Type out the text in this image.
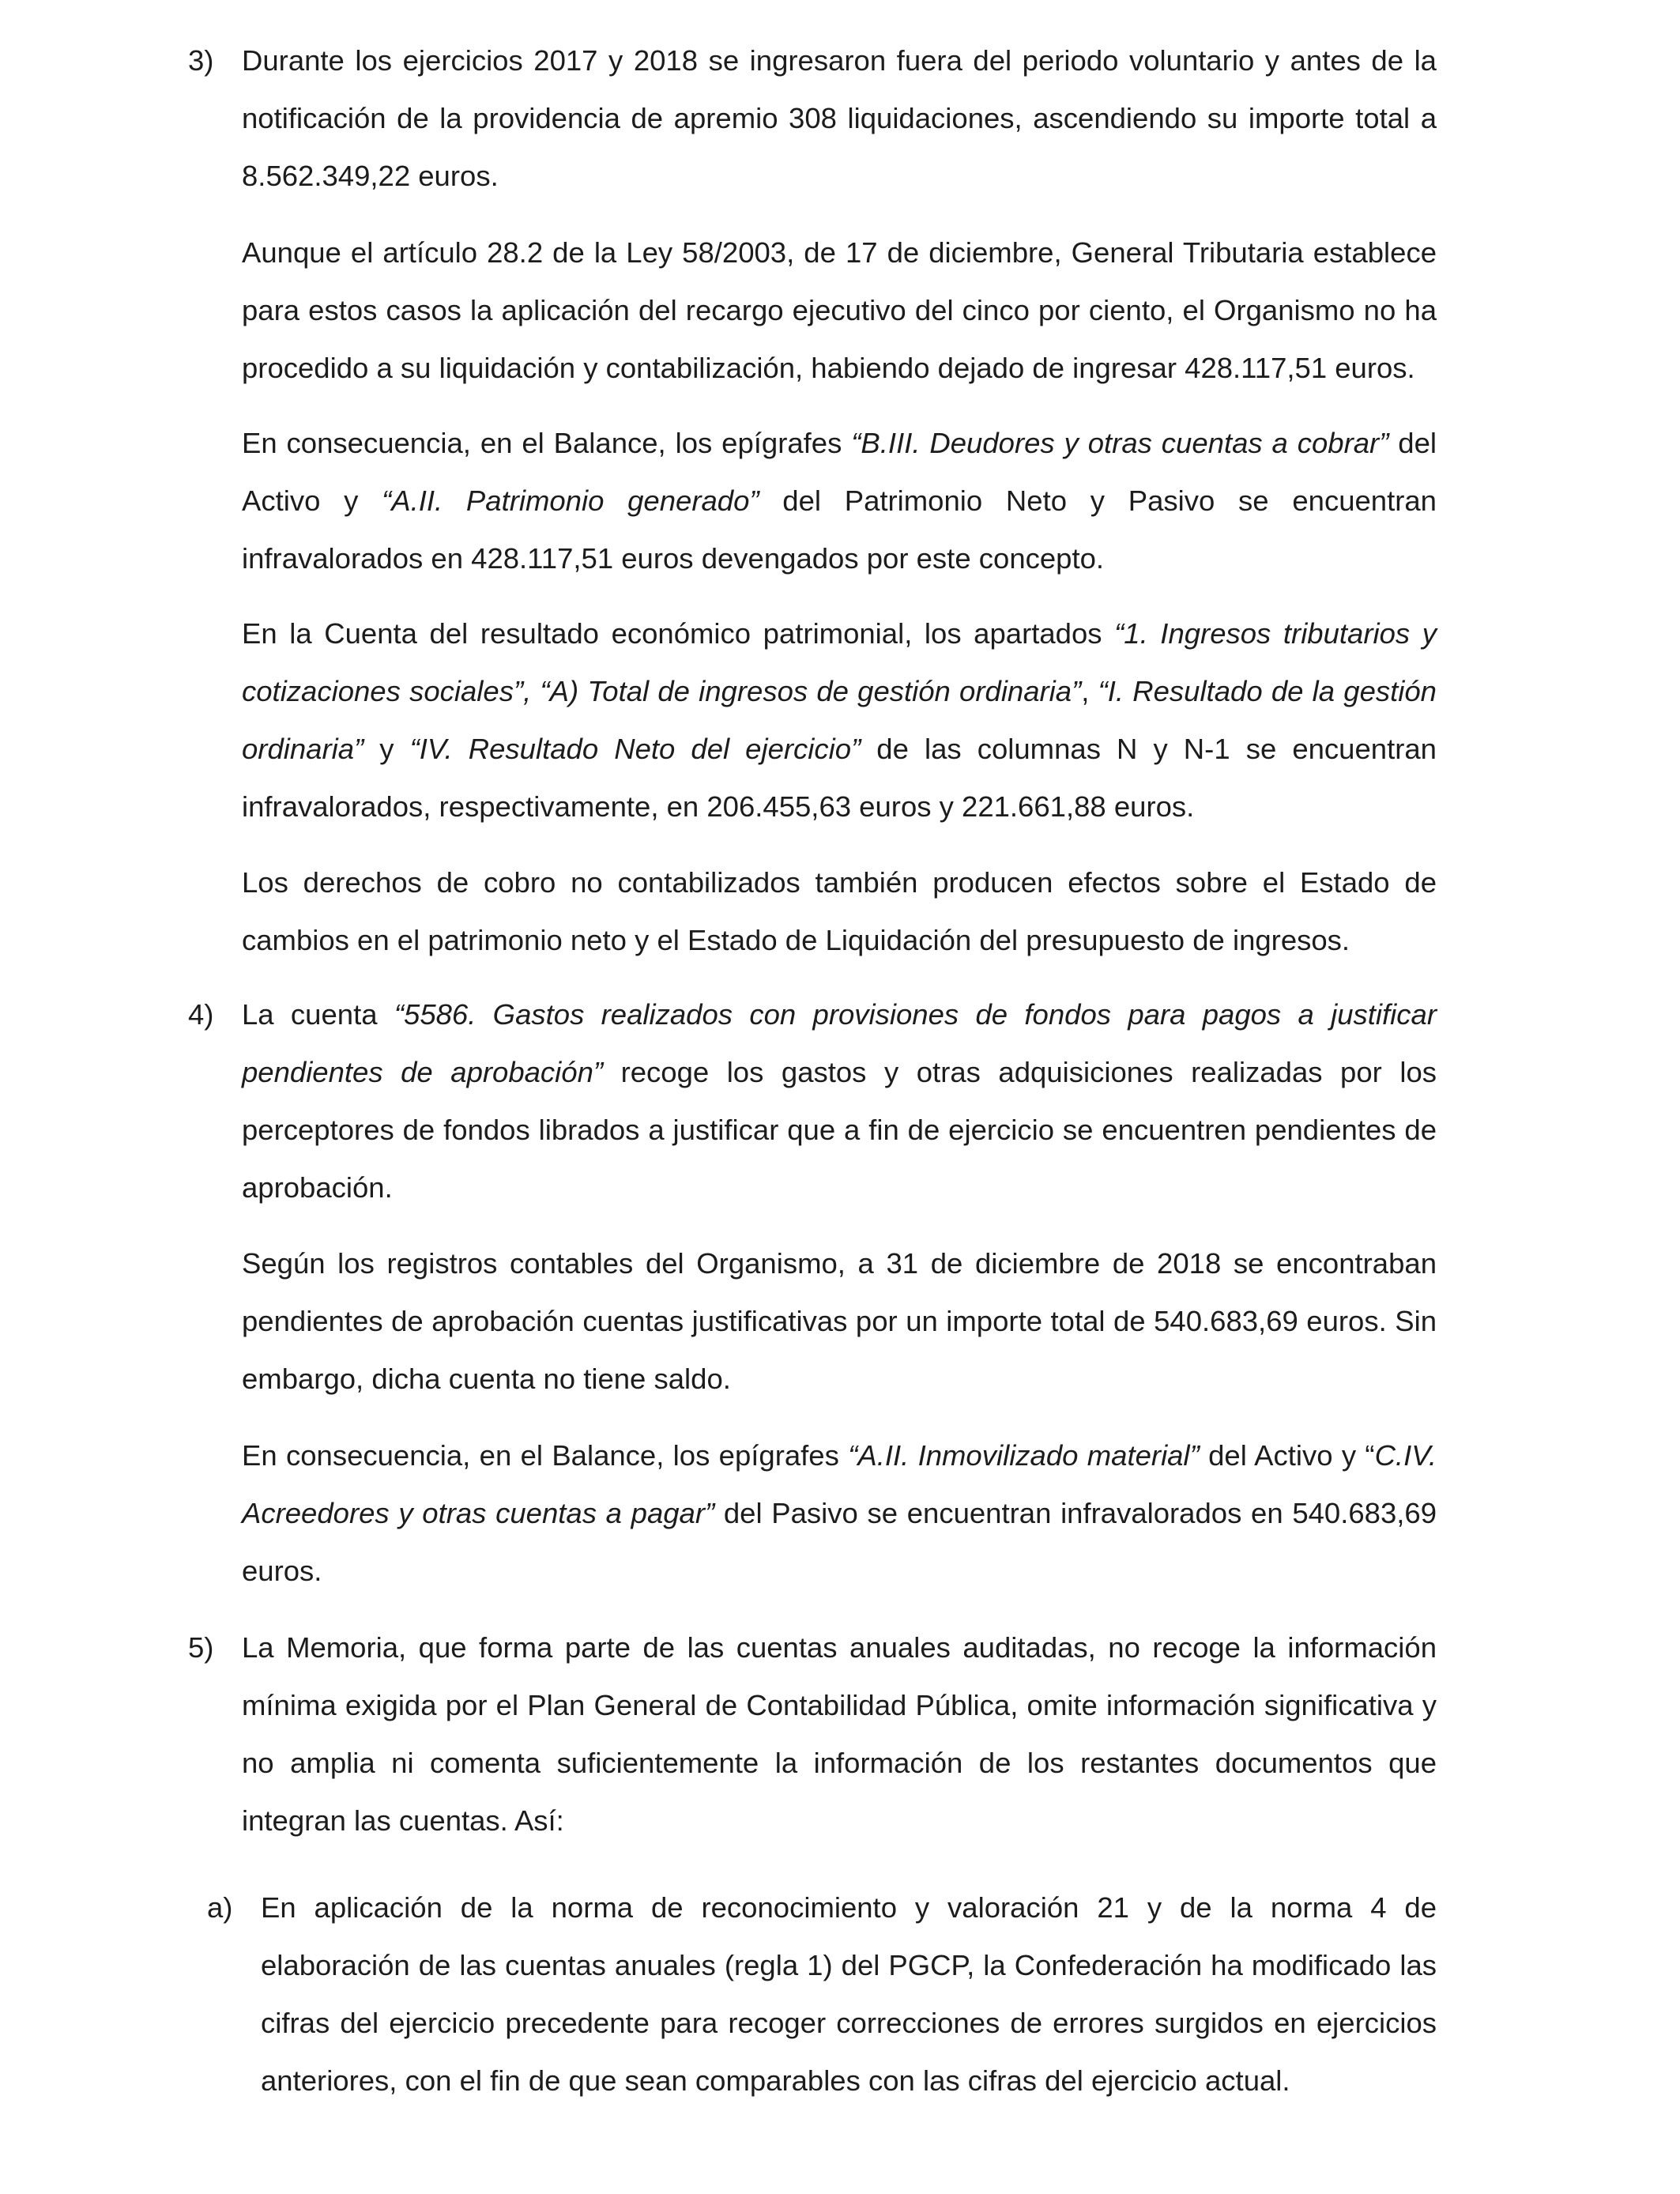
3) Durante los ejercicios 2017 y 2018 se ingresaron fuera del periodo voluntario y antes de la notificación de la providencia de apremio 308 liquidaciones, ascendiendo su importe total a 8.562.349,22 euros.

Aunque el artículo 28.2 de la Ley 58/2003, de 17 de diciembre, General Tributaria establece para estos casos la aplicación del recargo ejecutivo del cinco por ciento, el Organismo no ha procedido a su liquidación y contabilización, habiendo dejado de ingresar 428.117,51 euros.

En consecuencia, en el Balance, los epígrafes “B.III. Deudores y otras cuentas a cobrar” del Activo y “A.II. Patrimonio generado” del Patrimonio Neto y Pasivo se encuentran infravalorados en 428.117,51 euros devengados por este concepto.

En la Cuenta del resultado económico patrimonial, los apartados “1. Ingresos tributarios y cotizaciones sociales”, “A) Total de ingresos de gestión ordinaria”, “I. Resultado de la gestión ordinaria” y “IV. Resultado Neto del ejercicio” de las columnas N y N-1 se encuentran infravalorados, respectivamente, en 206.455,63 euros y 221.661,88 euros.

Los derechos de cobro no contabilizados también producen efectos sobre el Estado de cambios en el patrimonio neto y el Estado de Liquidación del presupuesto de ingresos.

4) La cuenta “5586. Gastos realizados con provisiones de fondos para pagos a justificar pendientes de aprobación” recoge los gastos y otras adquisiciones realizadas por los perceptores de fondos librados a justificar que a fin de ejercicio se encuentren pendientes de aprobación.

Según los registros contables del Organismo, a 31 de diciembre de 2018 se encontraban pendientes de aprobación cuentas justificativas por un importe total de 540.683,69 euros. Sin embargo, dicha cuenta no tiene saldo.

En consecuencia, en el Balance, los epígrafes “A.II. Inmovilizado material” del Activo y “C.IV. Acreedores y otras cuentas a pagar” del Pasivo se encuentran infravalorados en 540.683,69 euros.

5) La Memoria, que forma parte de las cuentas anuales auditadas, no recoge la información mínima exigida por el Plan General de Contabilidad Pública, omite información significativa y no amplia ni comenta suficientemente la información de los restantes documentos que integran las cuentas. Así:

a) En aplicación de la norma de reconocimiento y valoración 21 y de la norma 4 de elaboración de las cuentas anuales (regla 1) del PGCP, la Confederación ha modificado las cifras del ejercicio precedente para recoger correcciones de errores surgidos en ejercicios anteriores, con el fin de que sean comparables con las cifras del ejercicio actual.
